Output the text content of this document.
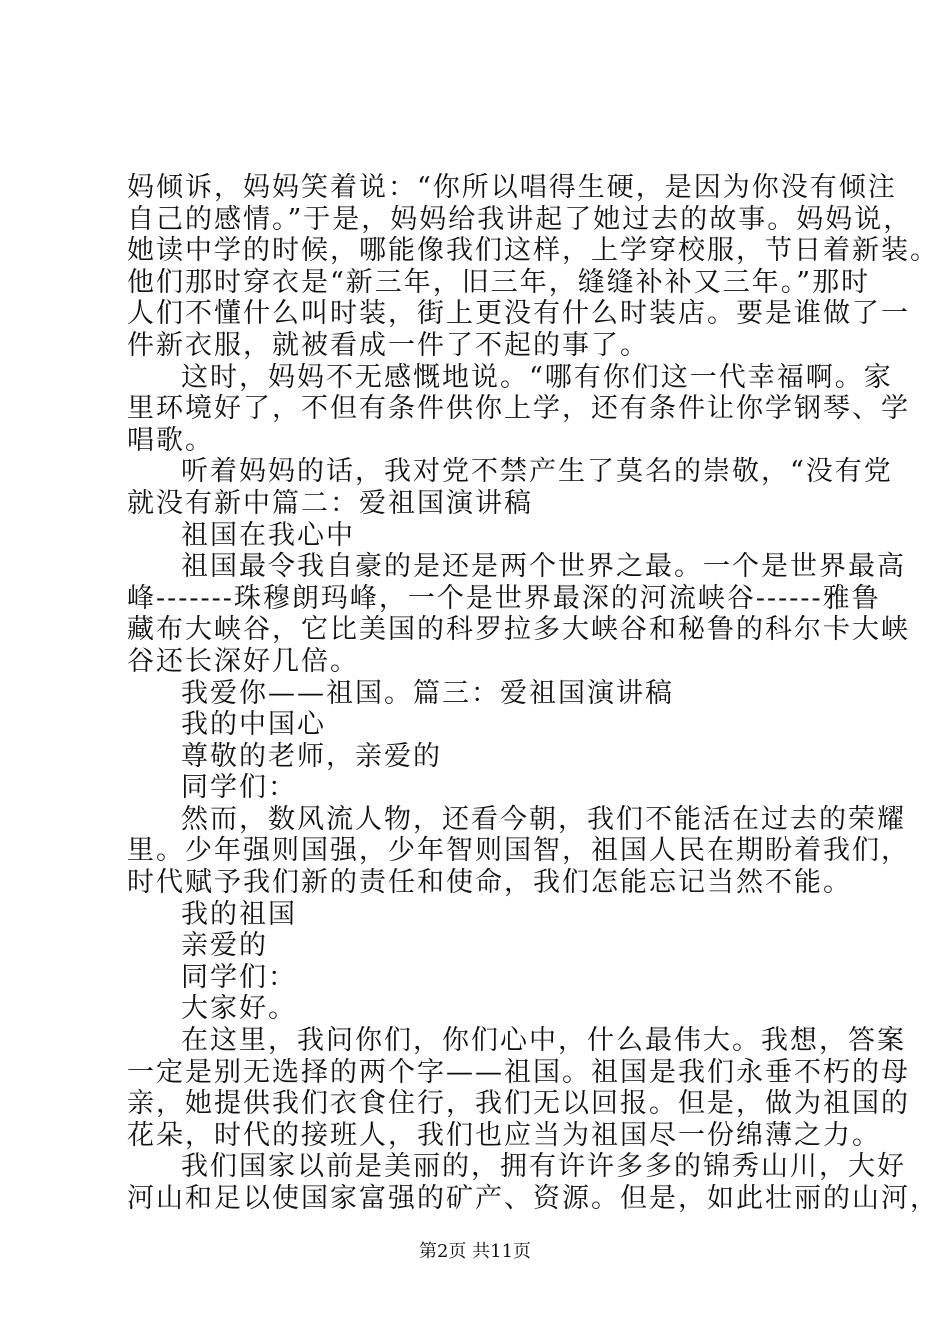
妈倾诉，妈妈笑着说：“你所以唱得生硬，是因为你没有倾注
自己的感情。”于是，妈妈给我讲起了她过去的故事。妈妈说，
她读中学的时候，哪能像我们这样，上学穿校服，节日着新装。
他们那时穿衣是“新三年，旧三年，缝缝补补又三年。”那时
人们不懂什么叫时装，街上更没有什么时装店。要是谁做了一
件新衣服，就被看成一件了不起的事了。
这时，妈妈不无感慨地说。“哪有你们这一代幸福啊。家
里环境好了，不但有条件供你上学，还有条件让你学钢琴、学
唱歌。
听着妈妈的话，我对党不禁产生了莫名的崇敬，“没有党
就没有新中篇二：爱祖国演讲稿
祖国在我心中
祖国最令我自豪的是还是两个世界之最。一个是世界最高
峰-------珠穆朗玛峰，一个是世界最深的河流峡谷------雅鲁
藏布大峡谷，它比美国的科罗拉多大峡谷和秘鲁的科尔卡大峡
谷还长深好几倍。
我爱你——祖国。篇三：爱祖国演讲稿
我的中国心
尊敬的老师，亲爱的
同学们：
然而，数风流人物，还看今朝，我们不能活在过去的荣耀
里。少年强则国强，少年智则国智，祖国人民在期盼着我们，
时代赋予我们新的责任和使命，我们怎能忘记当然不能。
我的祖国
亲爱的
同学们：
大家好。
在这里，我问你们，你们心中，什么最伟大。我想，答案
一定是别无选择的两个字——祖国。祖国是我们永垂不朽的母
亲，她提供我们衣食住行，我们无以回报。但是，做为祖国的
花朵，时代的接班人，我们也应当为祖国尽一份绵薄之力。
我们国家以前是美丽的，拥有许许多多的锦秀山川，大好
河山和足以使国家富强的矿产、资源。但是，如此壮丽的山河，
第2页 共11页
